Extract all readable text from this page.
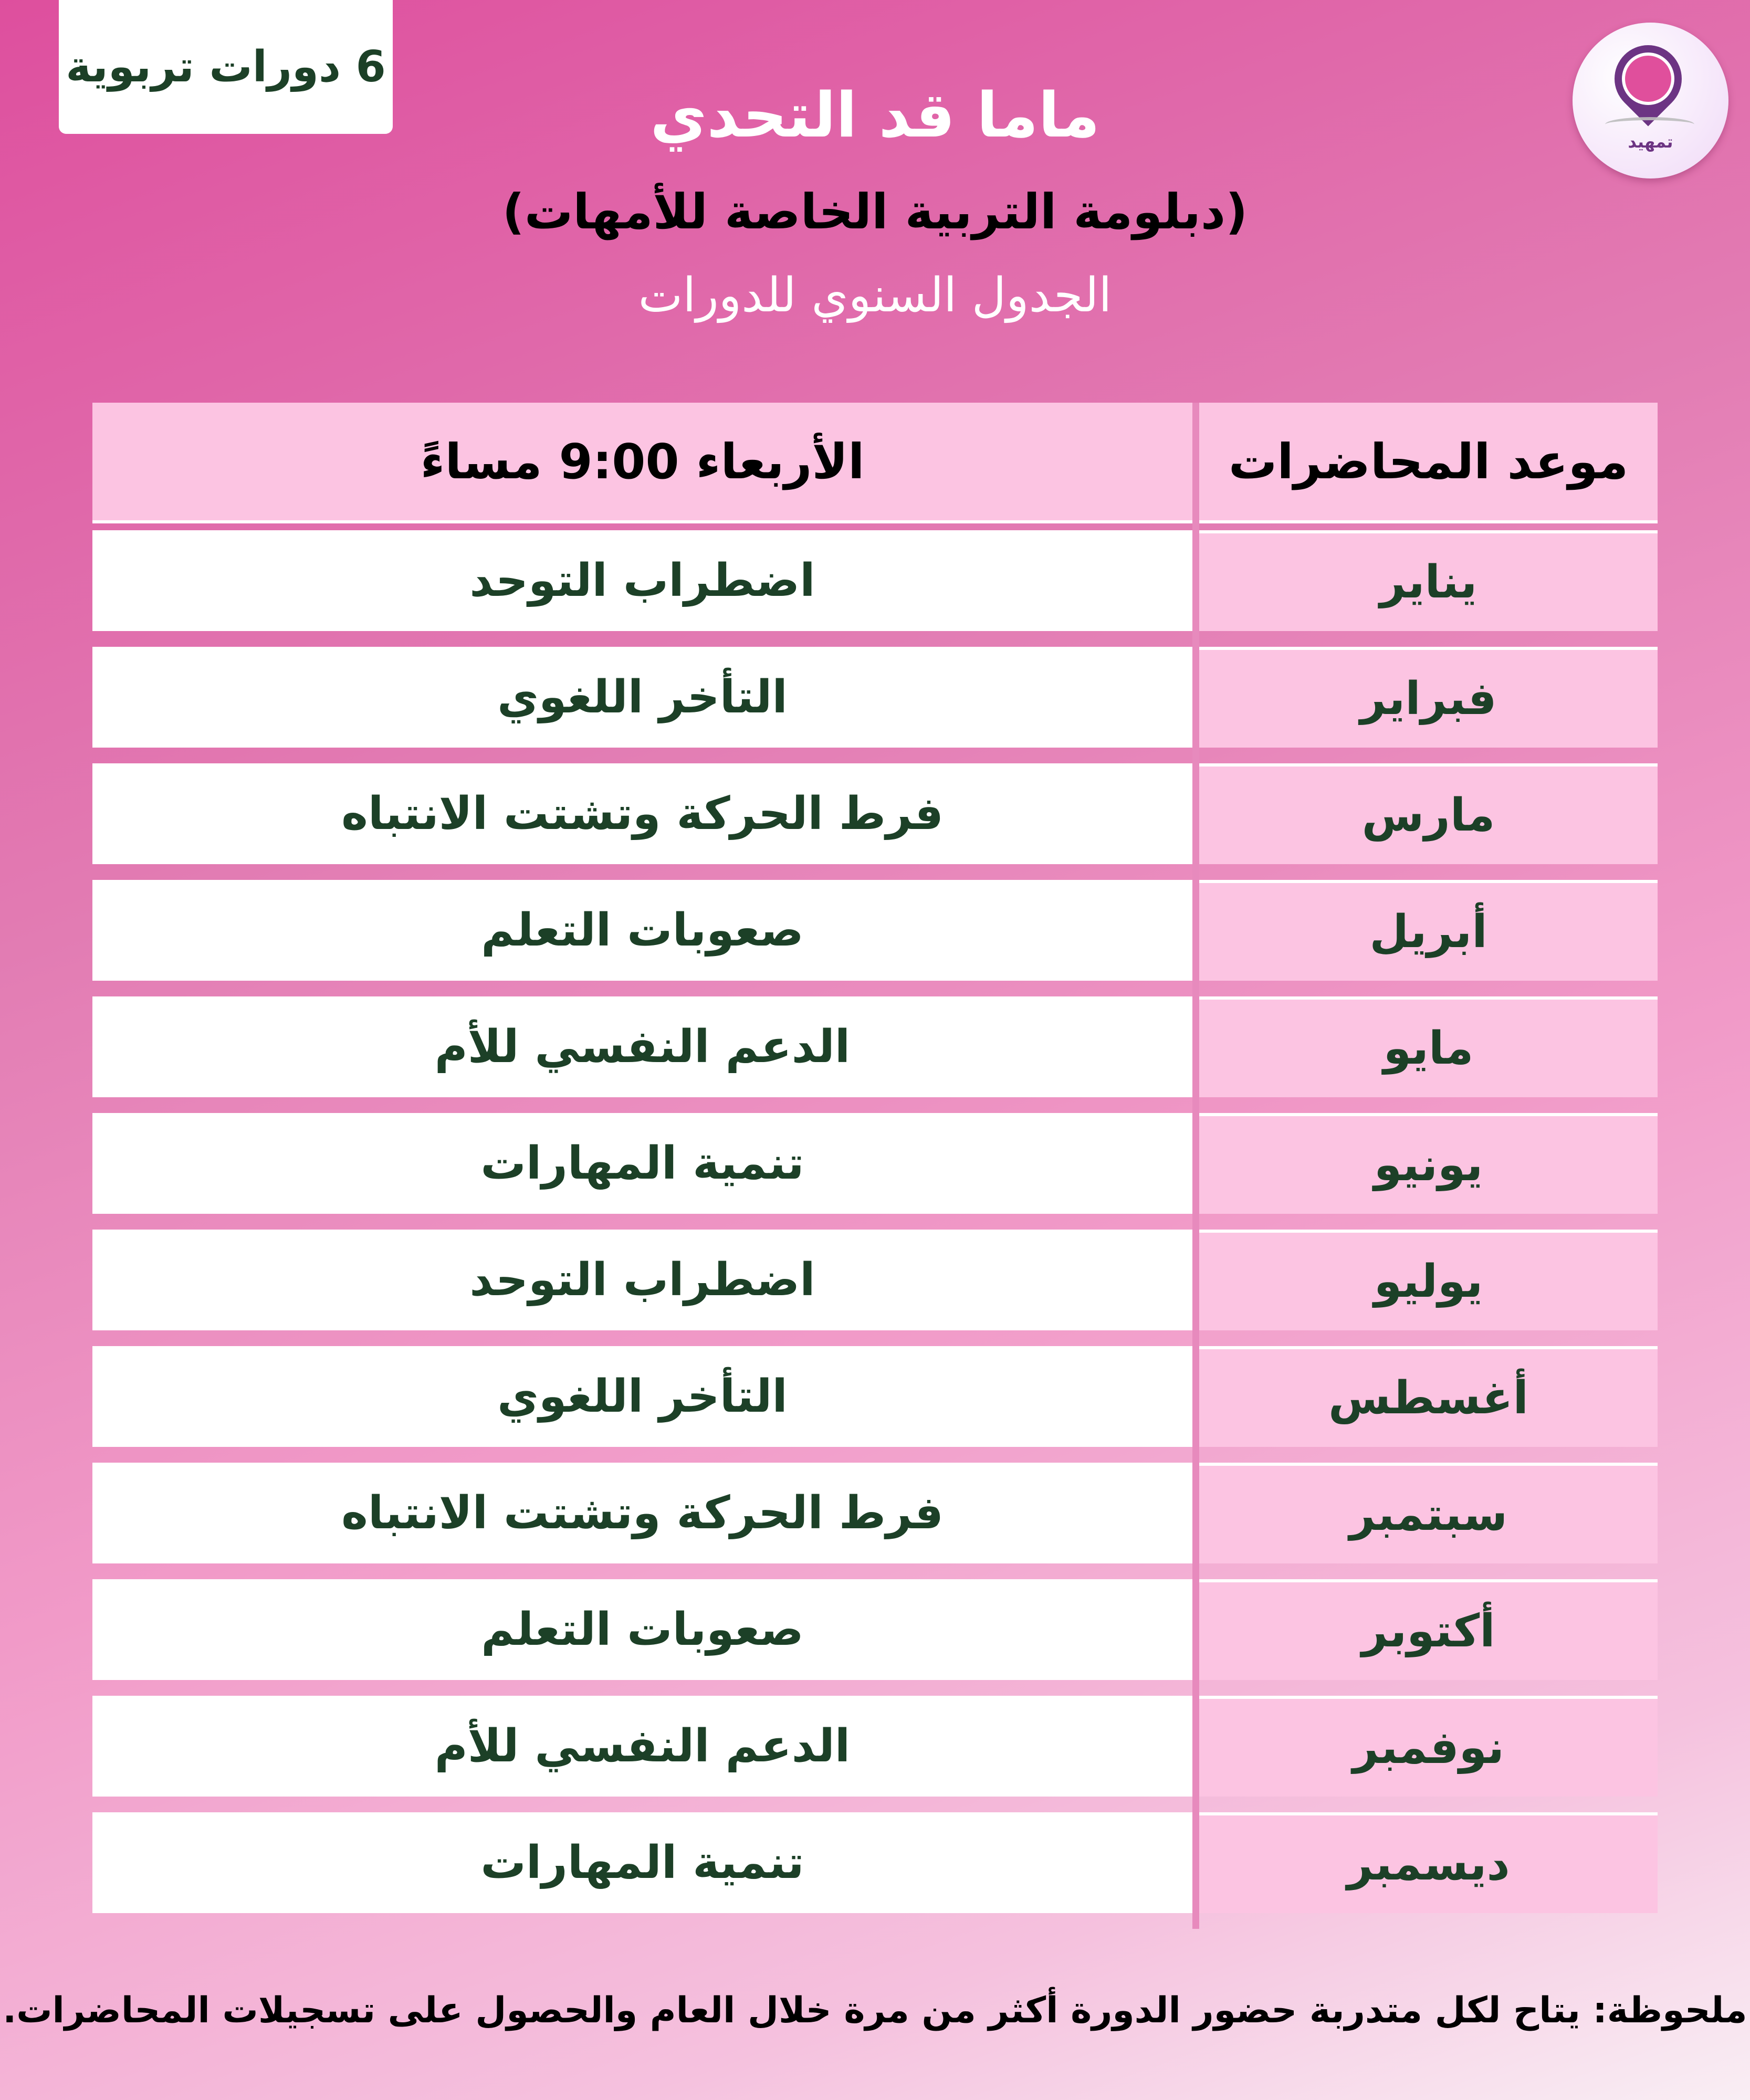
6 دورات تربوية
تمهيد
ماما قد التحدي
(دبلومة التربية الخاصة للأمهات)
الجدول السنوي للدورات
الأربعاء 9:00 مساءً	موعد المحاضرات
اضطراب التوحد	يناير
التأخر اللغوي	فبراير
فرط الحركة وتشتت الانتباه	مارس
صعوبات التعلم	أبريل
الدعم النفسي للأم	مايو
تنمية المهارات	يونيو
اضطراب التوحد	يوليو
التأخر اللغوي	أغسطس
فرط الحركة وتشتت الانتباه	سبتمبر
صعوبات التعلم	أكتوبر
الدعم النفسي للأم	نوفمبر
تنمية المهارات	ديسمبر
ملحوظة: يتاح لكل متدربة حضور الدورة أكثر من مرة خلال العام والحصول على تسجيلات المحاضرات.
